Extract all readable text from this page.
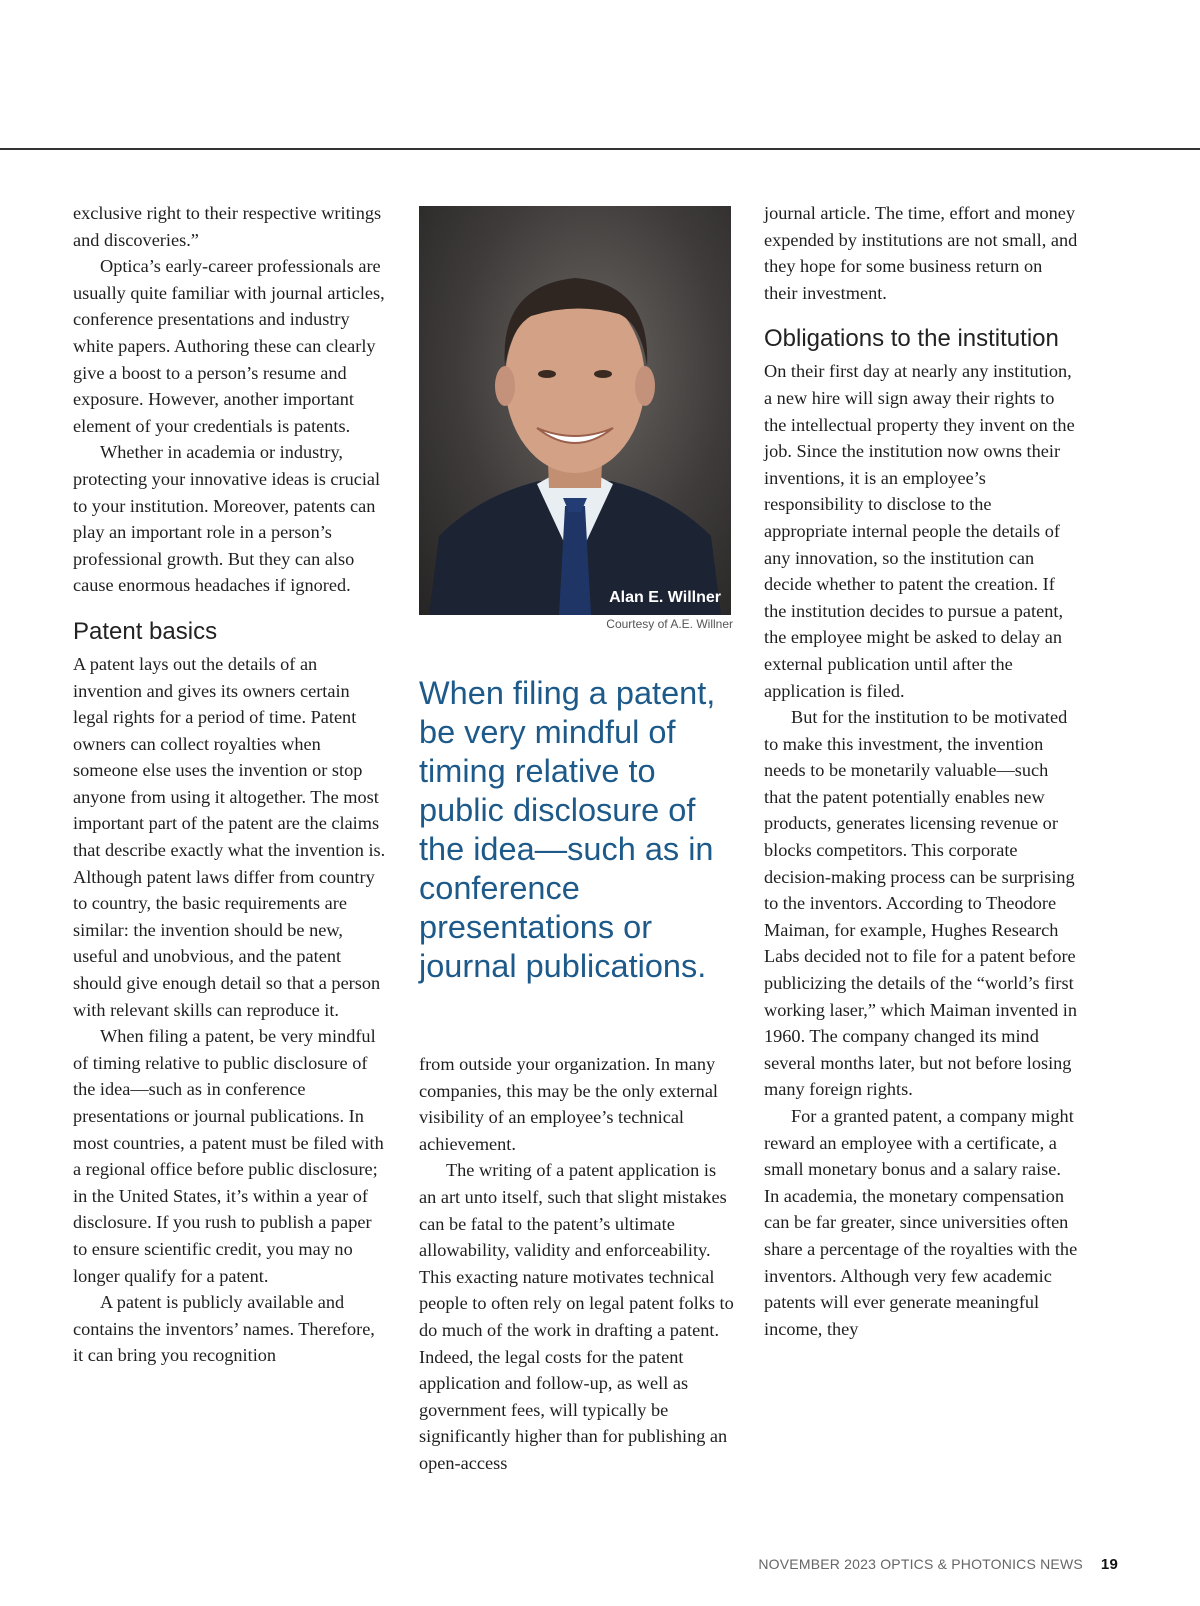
exclusive right to their respective writings and discoveries.”

Optica’s early-career professionals are usually quite familiar with journal articles, conference presentations and industry white papers. Authoring these can clearly give a boost to a person’s resume and exposure. However, another important element of your credentials is patents.

Whether in academia or industry, protecting your innovative ideas is crucial to your institution. Moreover, patents can play an important role in a person’s professional growth. But they can also cause enormous headaches if ignored.

Patent basics

A patent lays out the details of an invention and gives its owners certain legal rights for a period of time. Patent owners can collect royalties when someone else uses the invention or stop anyone from using it altogether. The most important part of the patent are the claims that describe exactly what the invention is. Although patent laws differ from country to country, the basic requirements are similar: the invention should be new, useful and unobvious, and the patent should give enough detail so that a person with relevant skills can reproduce it.

When filing a patent, be very mindful of timing relative to public disclosure of the idea—such as in conference presentations or journal publications. In most countries, a patent must be filed with a regional office before public disclosure; in the United States, it’s within a year of disclosure. If you rush to publish a paper to ensure scientific credit, you may no longer qualify for a patent.

A patent is publicly available and contains the inventors’ names. Therefore, it can bring you recognition

Alan E. Willner
Courtesy of A.E. Willner

When filing a patent, be very mindful of timing relative to public disclosure of the idea—such as in conference presentations or journal publications.

from outside your organization. In many companies, this may be the only external visibility of an employee’s technical achievement.

The writing of a patent application is an art unto itself, such that slight mistakes can be fatal to the patent’s ultimate allowability, validity and enforceability. This exacting nature motivates technical people to often rely on legal patent folks to do much of the work in drafting a patent. Indeed, the legal costs for the patent application and follow-up, as well as government fees, will typically be significantly higher than for publishing an open-access

journal article. The time, effort and money expended by institutions are not small, and they hope for some business return on their investment.

Obligations to the institution

On their first day at nearly any institution, a new hire will sign away their rights to the intellectual property they invent on the job. Since the institution now owns their inventions, it is an employee’s responsibility to disclose to the appropriate internal people the details of any innovation, so the institution can decide whether to patent the creation. If the institution decides to pursue a patent, the employee might be asked to delay an external publication until after the application is filed.

But for the institution to be motivated to make this investment, the invention needs to be monetarily valuable—such that the patent potentially enables new products, generates licensing revenue or blocks competitors. This corporate decision-making process can be surprising to the inventors. According to Theodore Maiman, for example, Hughes Research Labs decided not to file for a patent before publicizing the details of the “world’s first working laser,” which Maiman invented in 1960. The company changed its mind several months later, but not before losing many foreign rights.

For a granted patent, a company might reward an employee with a certificate, a small monetary bonus and a salary raise. In academia, the monetary compensation can be far greater, since universities often share a percentage of the royalties with the inventors. Although very few academic patents will ever generate meaningful income, they

NOVEMBER 2023 OPTICS & PHOTONICS NEWS 19
